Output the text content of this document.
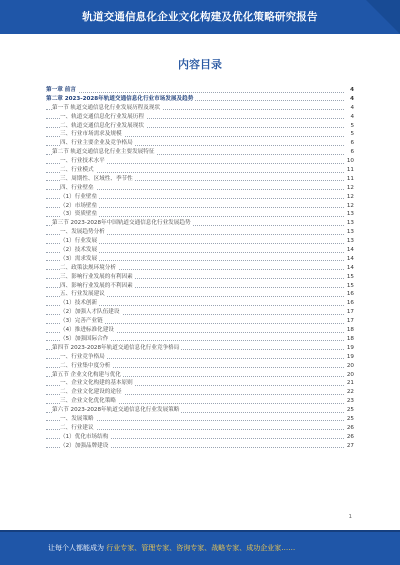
轨道交通信息化企业文化构建及优化策略研究报告
内容目录
第一章 前言	4
第二章 2023-2028年轨道交通信息化行业市场发展及趋势	4
第一节 轨道交通信息化行业发展历程及现状	4
一、轨道交通信息化行业发展历程	4
二、轨道交通信息化行业发展现状	5
三、行业市场需求及规模	5
四、行业主要企业及竞争格局	6
第二节 轨道交通信息化行业主要发展特征	6
一、行业技术水平	10
二、行业模式	11
三、周期性、区域性、季节性	11
四、行业壁垒	12
（1）行业壁垒	12
（2）市场壁垒	12
（3）资质壁垒	13
第三节 2023-2028年中国轨道交通信息化行业发展趋势	13
一、发展趋势分析	13
（1）行业发展	13
（2）技术发展	14
（3）需求发展	14
二、政策法规环境分析	14
三、影响行业发展的有利因素	15
四、影响行业发展的不利因素	15
五、行业发展建议	16
（1）技术创新	16
（2）加强人才队伍建设	17
（3）完善产业链	17
（4）推进标准化建设	18
（5）加强国际合作	18
第四节 2023-2028年轨道交通信息化行业竞争格局	19
一、行业竞争格局	19
二、行业集中度分析	20
第五节 企业文化构建与优化	20
一、企业文化构建的基本原则	21
二、企业文化建设的途径	22
三、企业文化优化策略	23
第六节 2023-2028年轨道交通信息化行业发展策略	25
一、发展策略	25
二、行业建议	26
（1）优化市场结构	26
（2）加强品牌建设	27
1
让每个人都能成为 行业专家、管理专家、咨询专家、战略专家、成功企业家……
